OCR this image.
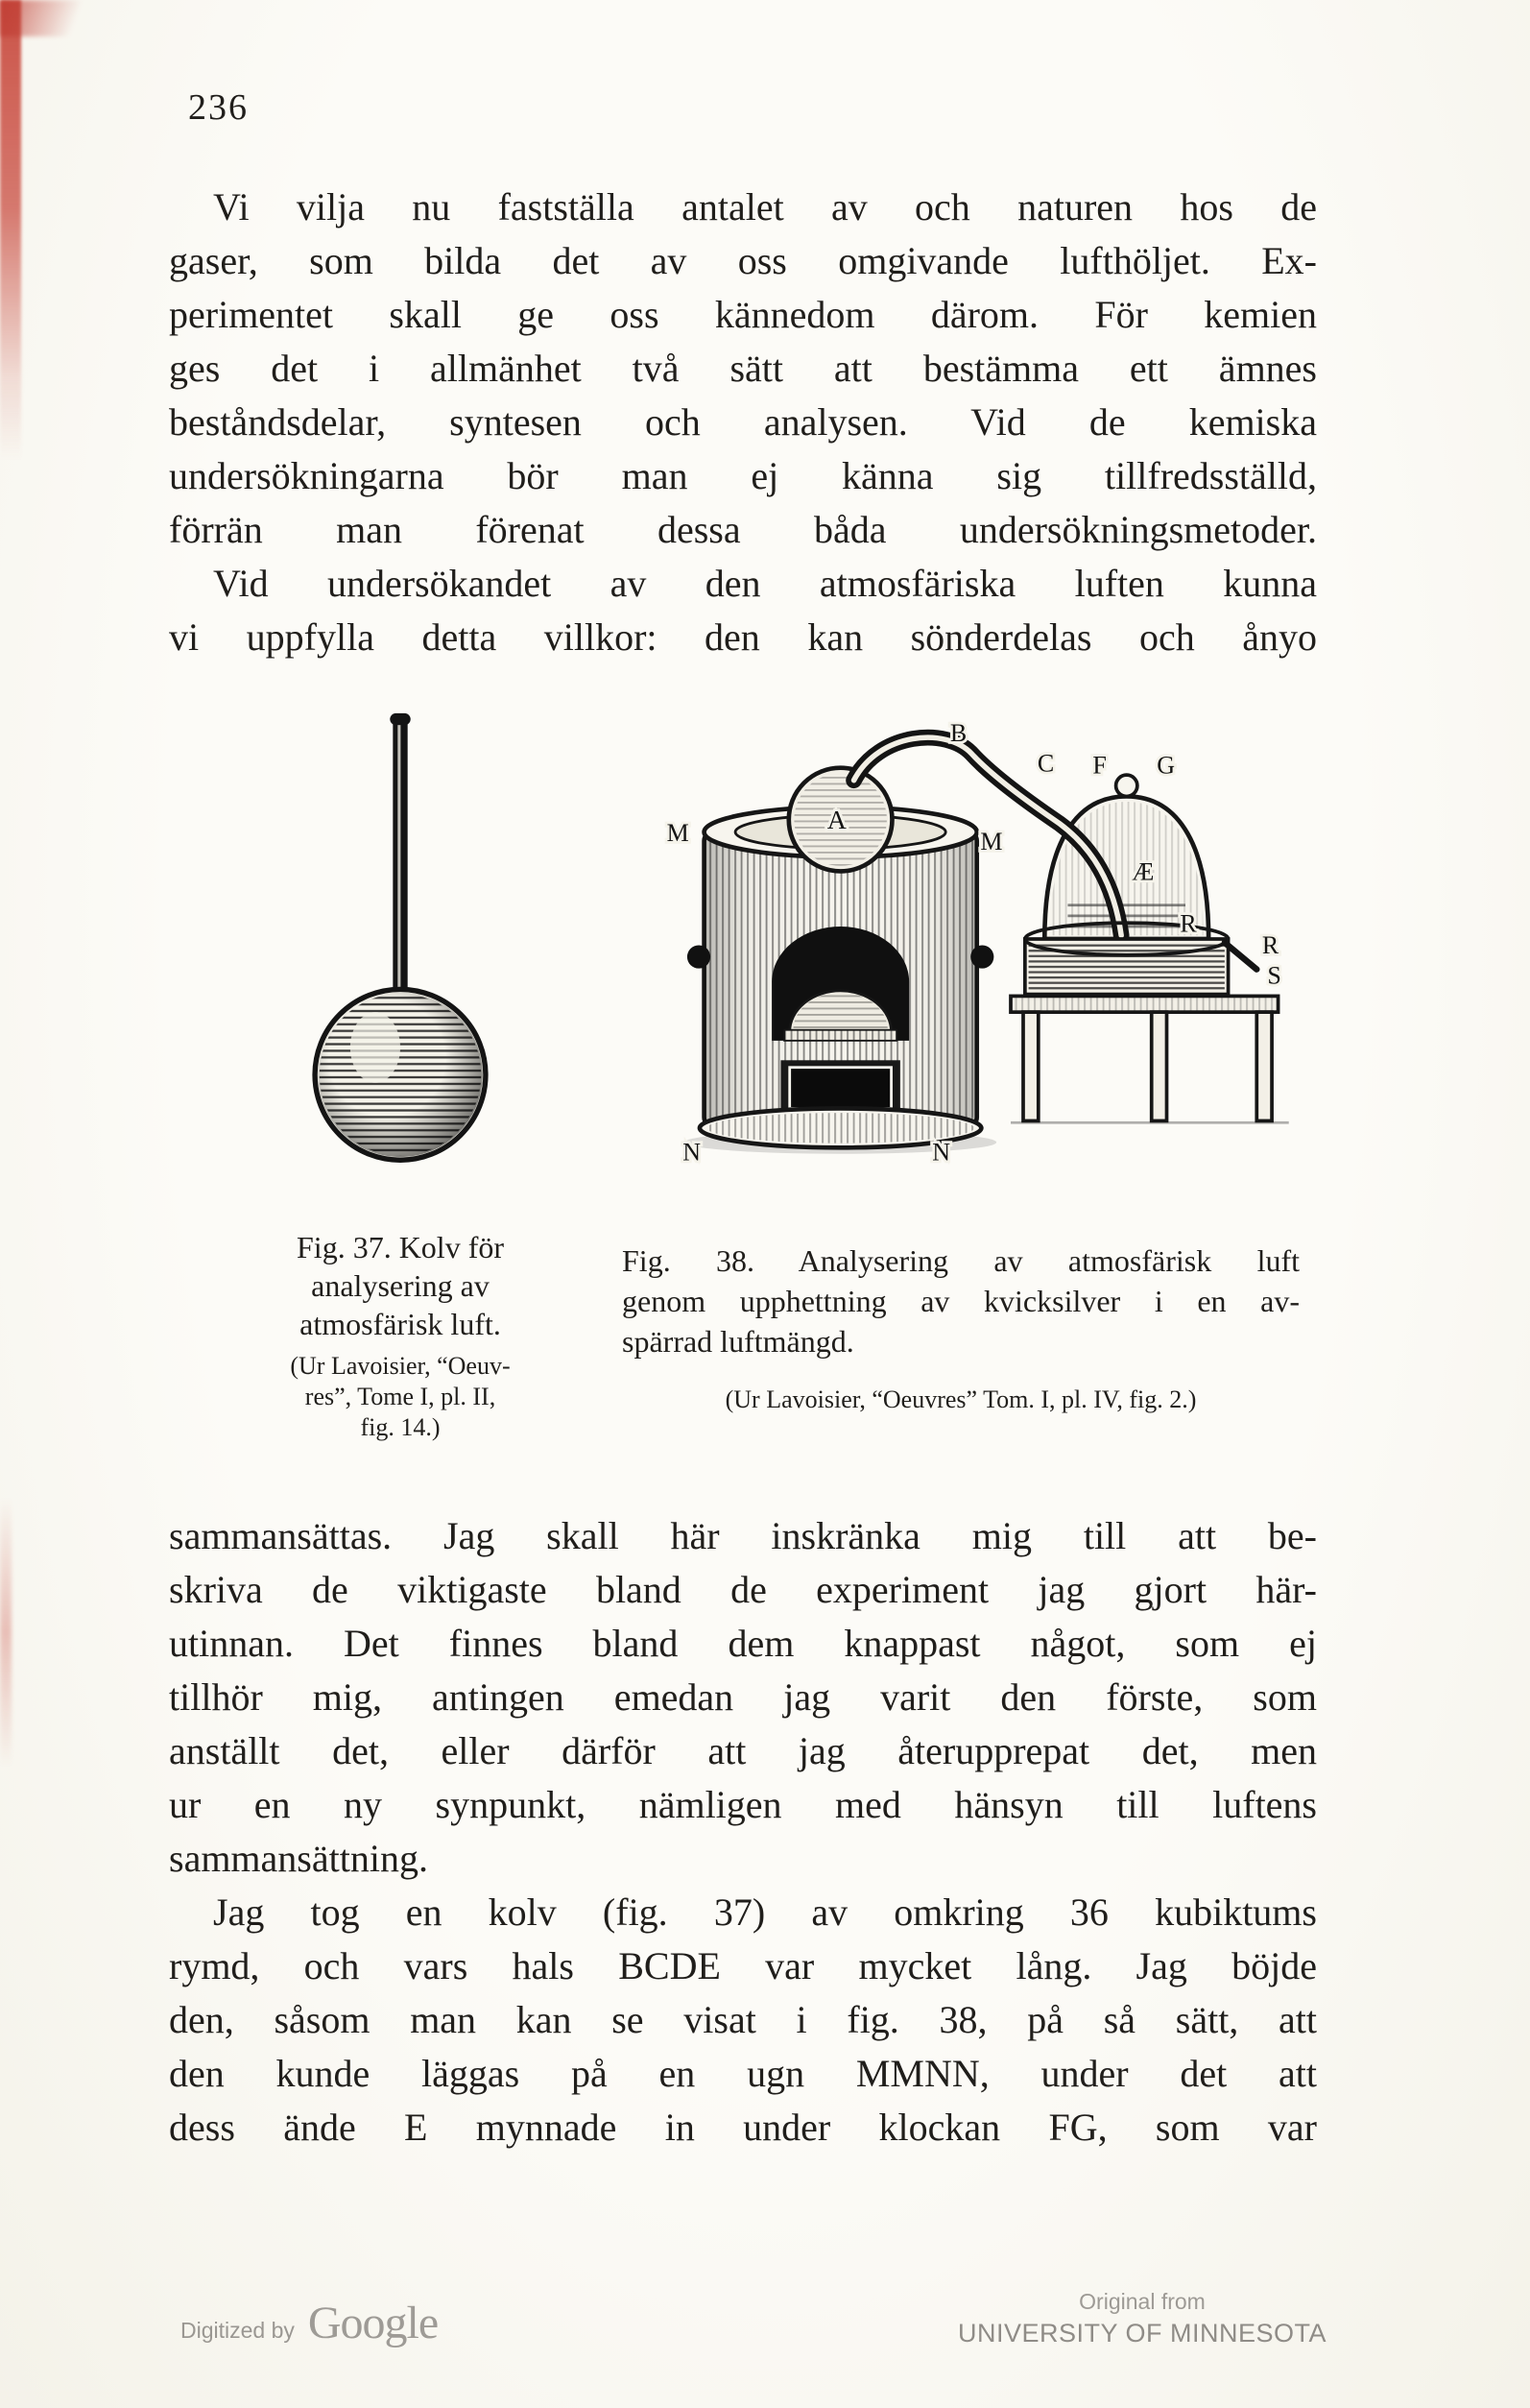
236
Vi vilja nu fastställa antalet av och naturen hos de
gaser, som bilda det av oss omgivande lufthöljet. Ex-
perimentet skall ge oss kännedom därom. För kemien
ges det i allmänhet två sätt att bestämma ett ämnes
beståndsdelar, syntesen och analysen. Vid de kemiska
undersökningarna bör man ej känna sig tillfredsställd,
förrän man förenat dessa båda undersökningsmetoder.
Vid undersökandet av den atmosfäriska luften kunna
vi uppfylla detta villkor: den kan sönderdelas och ånyo
Fig. 37. Kolv för
analysering av
atmosfärisk luft.
(Ur Lavoisier, “Oeuv-
res”, Tome I, pl. II,
fig. 14.)
B
A
C F G
M	M
Æ
R
R
S
N	N
Fig. 38. Analysering av atmosfärisk luft
genom upphettning av kvicksilver i en av-
spärrad luftmängd.
(Ur Lavoisier, “Oeuvres” Tom. I, pl. IV, fig. 2.)
sammansättas. Jag skall här inskränka mig till att be-
skriva de viktigaste bland de experiment jag gjort här-
utinnan. Det finnes bland dem knappast något, som ej
tillhör mig, antingen emedan jag varit den förste, som
anställt det, eller därför att jag återupprepat det, men
ur en ny synpunkt, nämligen med hänsyn till luftens
sammansättning.
Jag tog en kolv (fig. 37) av omkring 36 kubiktums
rymd, och vars hals BCDE var mycket lång. Jag böjde
den, såsom man kan se visat i fig. 38, på så sätt, att
den kunde läggas på en ugn MMNN, under det att
dess ände E mynnade in under klockan FG, som var
Digitized by Google	Original from
UNIVERSITY OF MINNESOTA
